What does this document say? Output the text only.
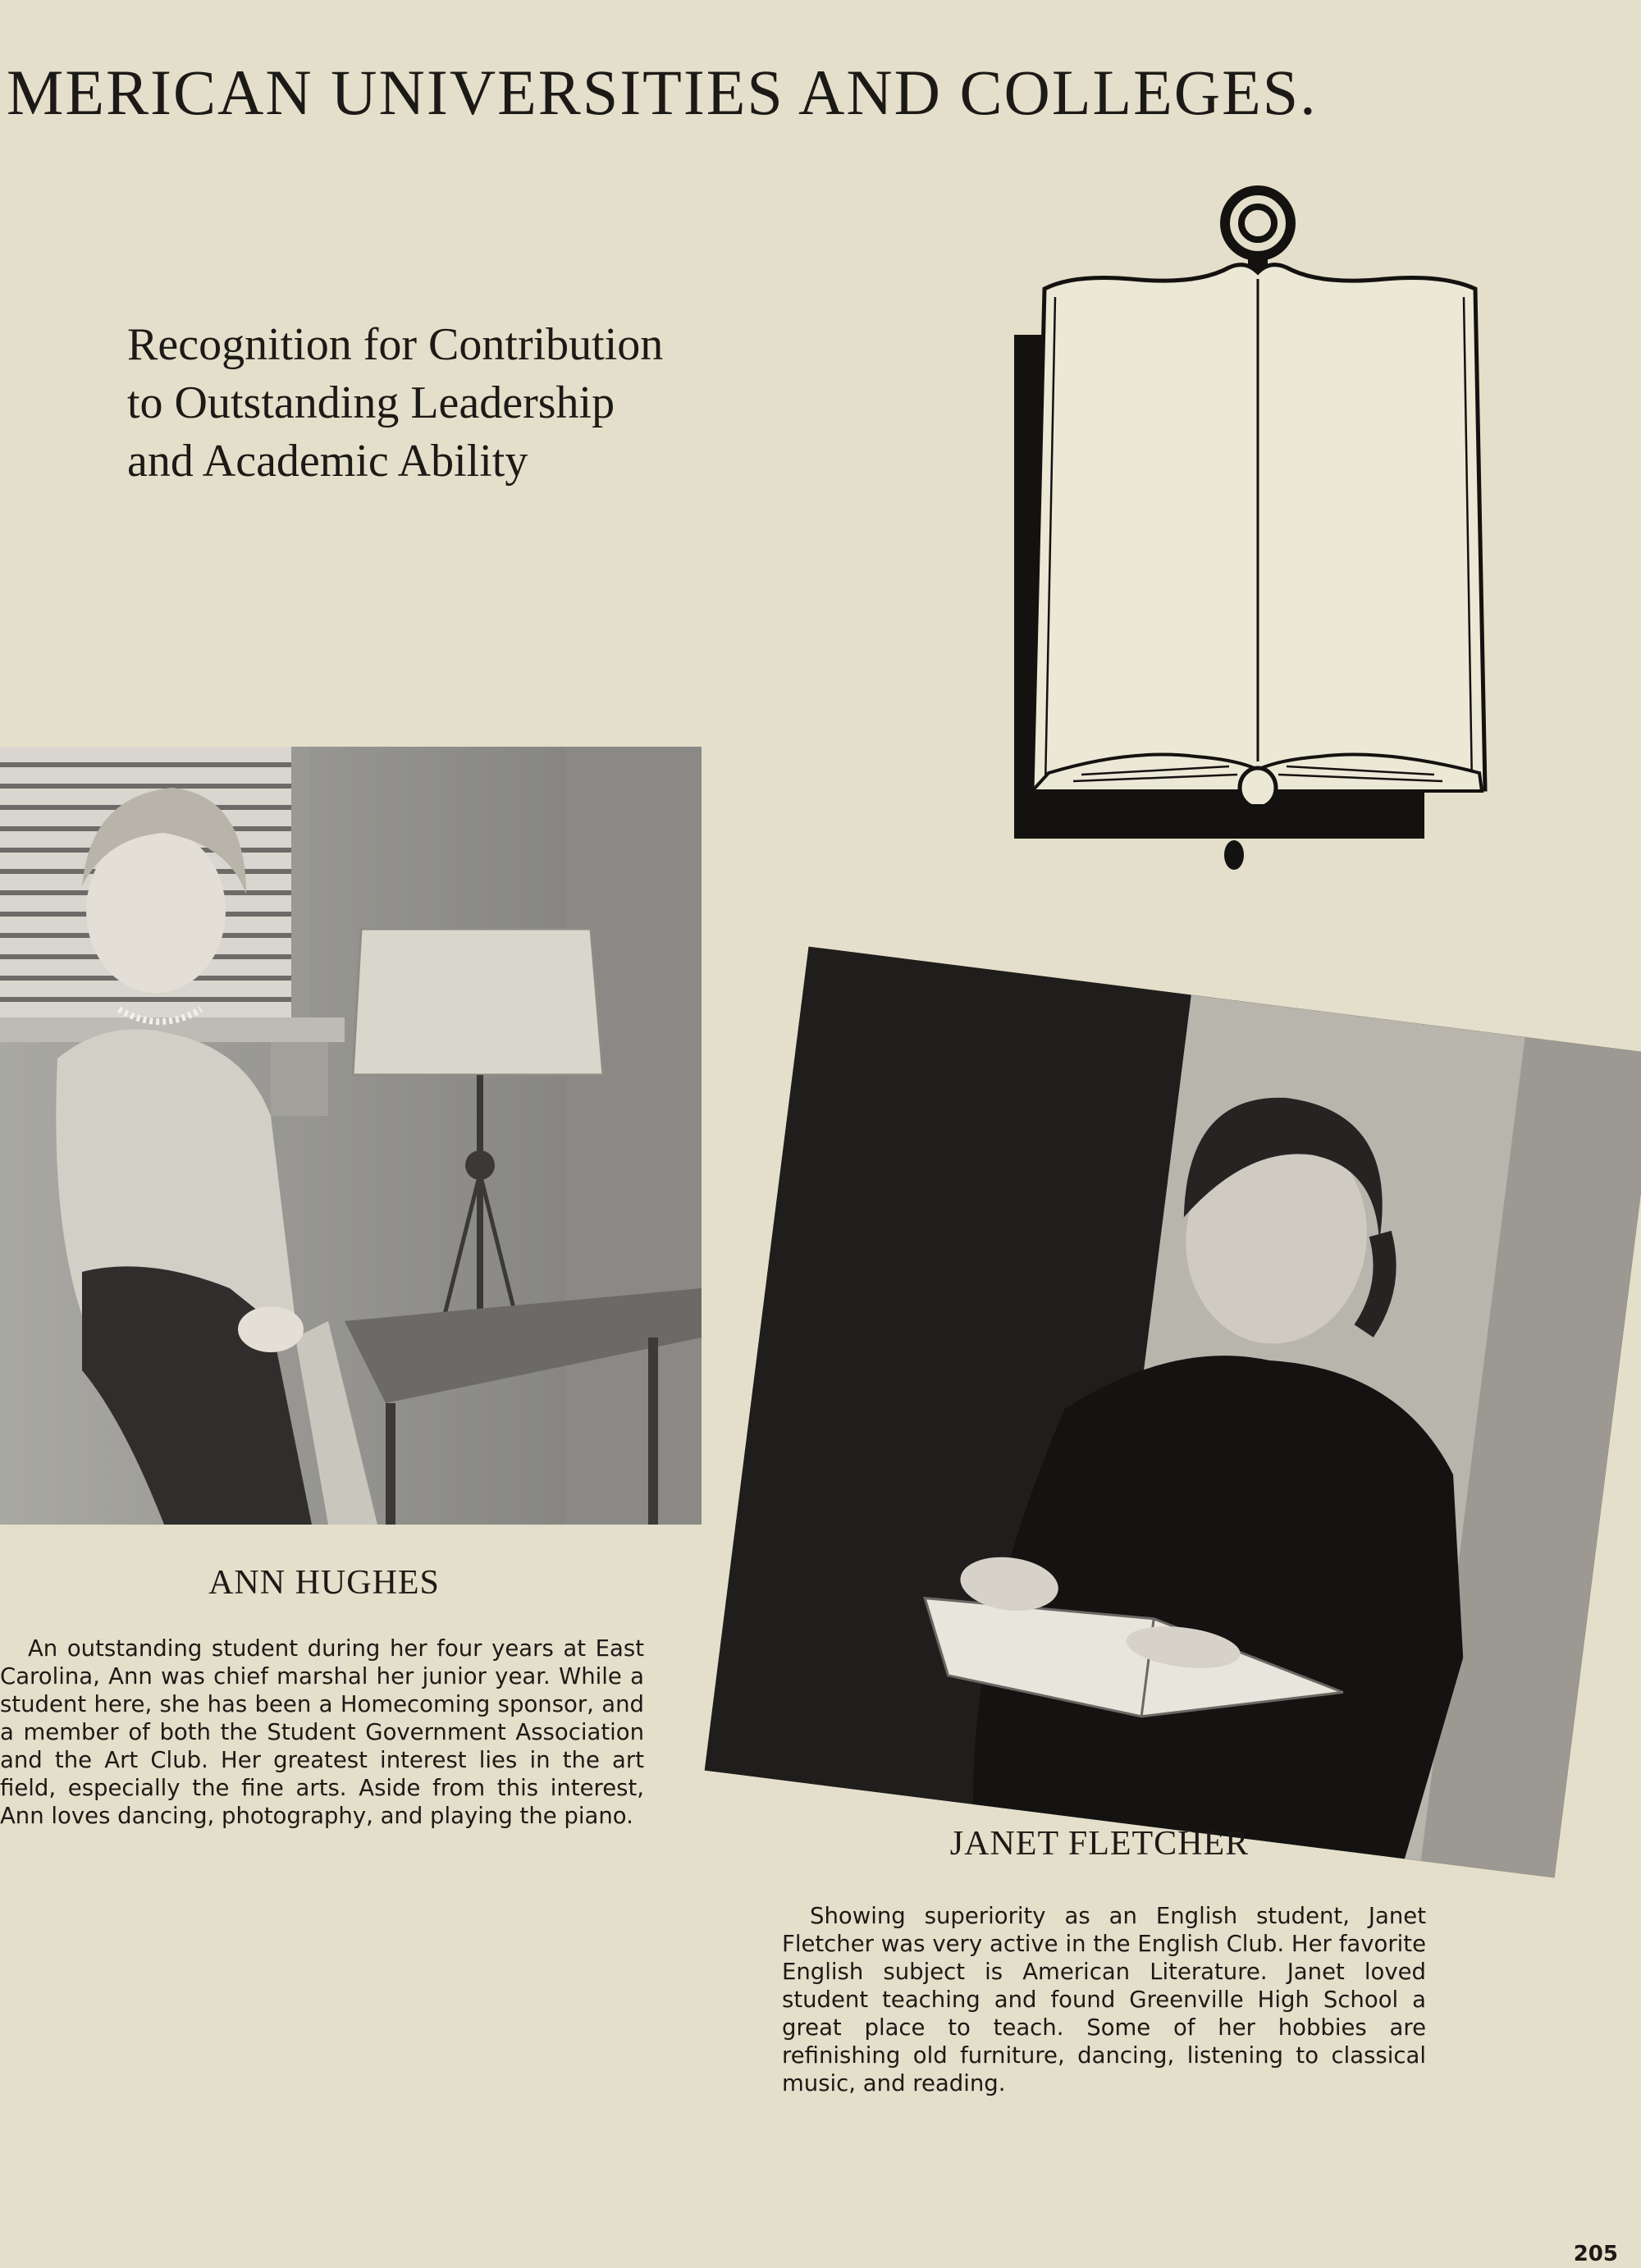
MERICAN UNIVERSITIES AND COLLEGES.
Recognition for Contribution
to Outstanding Leadership
and Academic Ability
ANN HUGHES

An outstanding student during her four years at East Carolina, Ann was chief marshal her junior year. While a student here, she has been a Homecoming sponsor, and a member of both the Student Government Association and the Art Club. Her greatest interest lies in the art field, especially the fine arts. Aside from this interest, Ann loves dancing, photography, and playing the piano.

JANET FLETCHER

Showing superiority as an English student, Janet Fletcher was very active in the English Club. Her favorite English subject is American Literature. Janet loved student teaching and found Greenville High School a great place to teach. Some of her hobbies are refinishing old furniture, dancing, listening to classical music, and reading.

205
